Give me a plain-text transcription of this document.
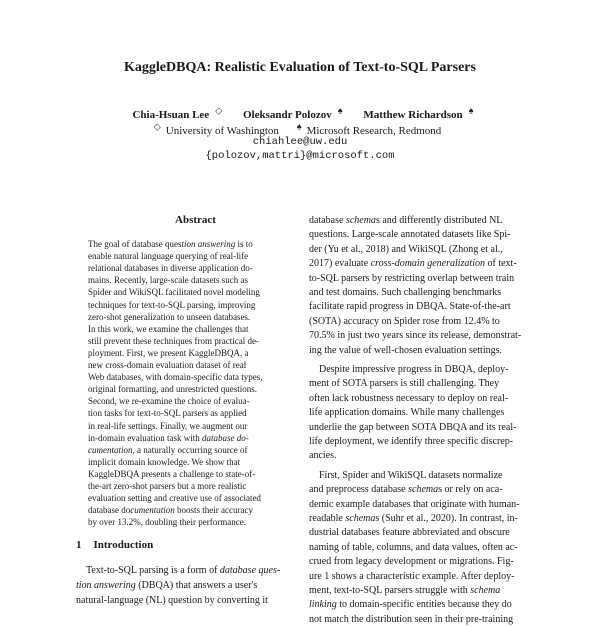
KaggleDBQA: Realistic Evaluation of Text-to-SQL Parsers
Chia-Hsuan Lee ◇ Oleksandr Polozov ♠ Matthew Richardson ♠
◇ University of Washington ♠ Microsoft Research, Redmond
chiahlee@uw.edu
{polozov,mattri}@microsoft.com
Abstract
The goal of database question answering is to
enable natural language querying of real-life
relational databases in diverse application do-
mains. Recently, large-scale datasets such as
Spider and WikiSQL facilitated novel modeling
techniques for text-to-SQL parsing, improving
zero-shot generalization to unseen databases.
In this work, we examine the challenges that
still prevent these techniques from practical de-
ployment. First, we present KaggleDBQA, a
new cross-domain evaluation dataset of real
Web databases, with domain-specific data types,
original formatting, and unrestricted questions.
Second, we re-examine the choice of evalua-
tion tasks for text-to-SQL parsers as applied
in real-life settings. Finally, we augment our
in-domain evaluation task with database do-
cumentation, a naturally occurring source of
implicit domain knowledge. We show that
KaggleDBQA presents a challenge to state-of-
the-art zero-shot parsers but a more realistic
evaluation setting and creative use of associated
database documentation boosts their accuracy
by over 13.2%, doubling their performance.
1 Introduction
Text-to-SQL parsing is a form of database ques-
tion answering (DBQA) that answers a user's
natural-language (NL) question by converting it
database schemas and differently distributed NL
questions. Large-scale annotated datasets like Spi-
der (Yu et al., 2018) and WikiSQL (Zhong et al.,
2017) evaluate cross-domain generalization of text-
to-SQL parsers by restricting overlap between train
and test domains. Such challenging benchmarks
facilitate rapid progress in DBQA. State-of-the-art
(SOTA) accuracy on Spider rose from 12.4% to
70.5% in just two years since its release, demonstrat-
ing the value of well-chosen evaluation settings.
Despite impressive progress in DBQA, deploy-
ment of SOTA parsers is still challenging. They
often lack robustness necessary to deploy on real-
life application domains. While many challenges
underlie the gap between SOTA DBQA and its real-
life deployment, we identify three specific discrep-
ancies.
First, Spider and WikiSQL datasets normalize
and preprocess database schemas or rely on aca-
demic example databases that originate with human-
readable schemas (Suhr et al., 2020). In contrast, in-
dustrial databases feature abbreviated and obscure
naming of table, columns, and data values, often ac-
crued from legacy development or migrations. Fig-
ure 1 shows a characteristic example. After deploy-
ment, text-to-SQL parsers struggle with schema
linking to domain-specific entities because they do
not match the distribution seen in their pre-training
